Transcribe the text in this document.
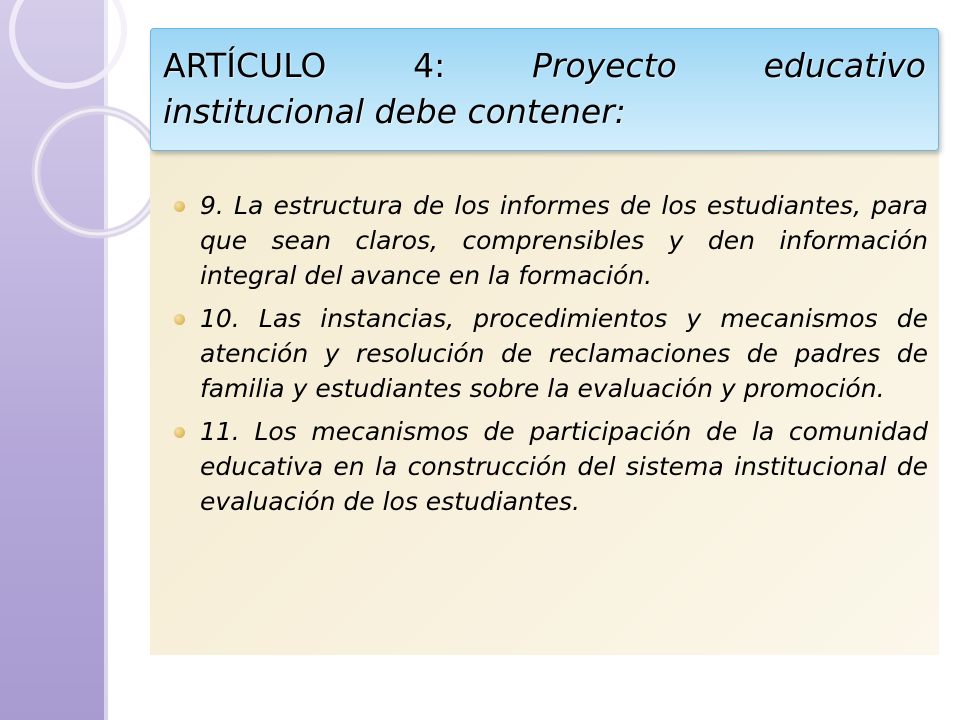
ARTÍCULO	4:	Proyecto	educativo
institucional debe contener:
9. La estructura de los informes de los estudiantes, para que sean claros, comprensibles y den información integral del avance en la formación.
10. Las instancias, procedimientos y mecanismos de atención y resolución de reclamaciones de padres de familia y estudiantes sobre la evaluación y promoción.
11. Los mecanismos de participación de la comunidad educativa en la construcción del sistema institucional de evaluación de los estudiantes.
